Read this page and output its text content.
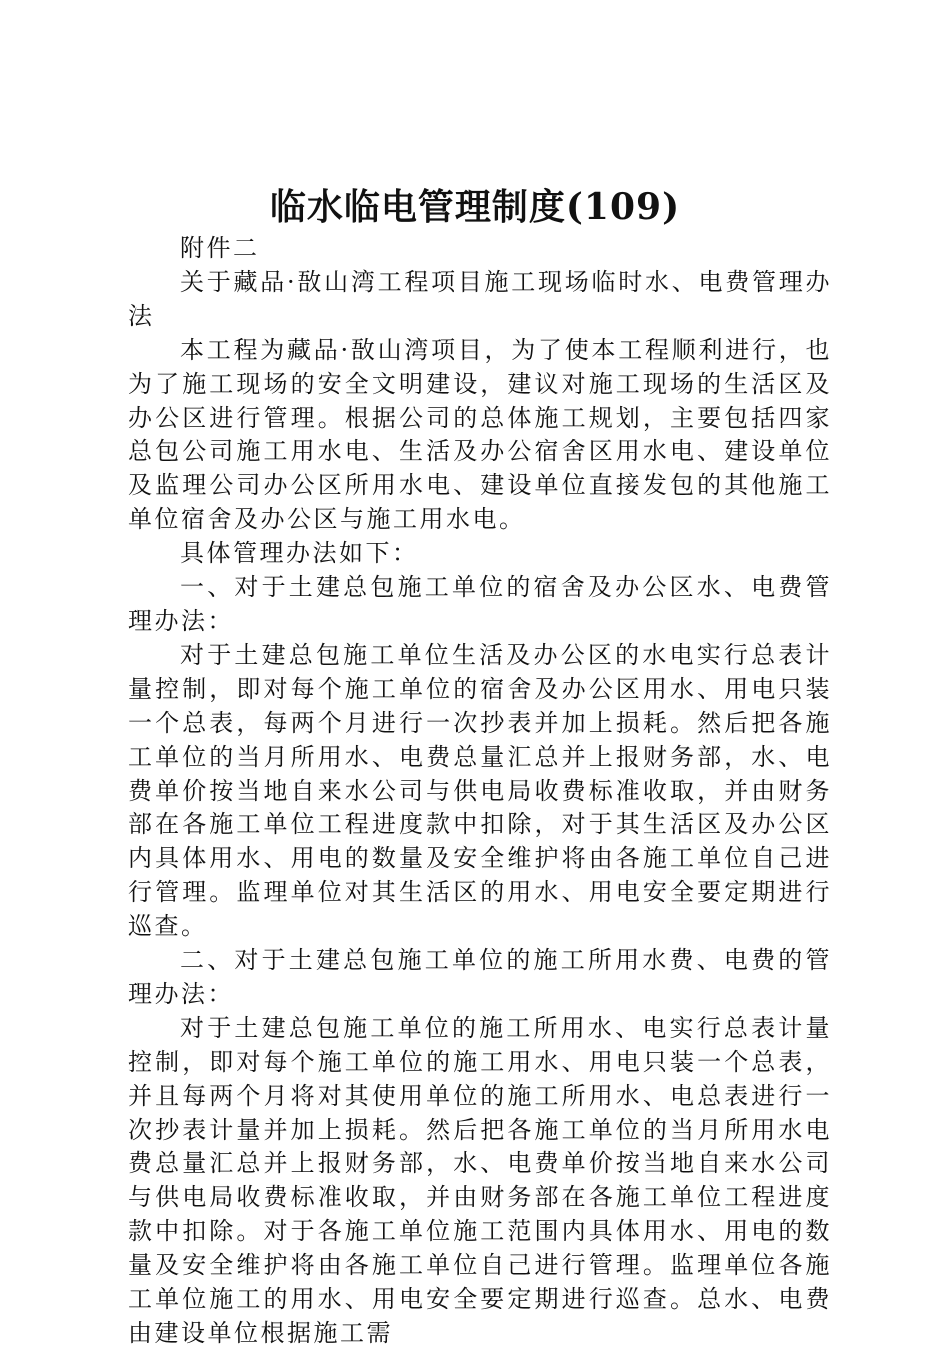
临水临电管理制度(109)

附件二

关于藏品·敔山湾工程项目施工现场临时水、电费管理办法

本工程为藏品·敔山湾项目，为了使本工程顺利进行，也为了施工现场的安全文明建设，建议对施工现场的生活区及办公区进行管理。根据公司的总体施工规划，主要包括四家总包公司施工用水电、生活及办公宿舍区用水电、建设单位及监理公司办公区所用水电、建设单位直接发包的其他施工单位宿舍及办公区与施工用水电。

具体管理办法如下：

一、对于土建总包施工单位的宿舍及办公区水、电费管理办法：

对于土建总包施工单位生活及办公区的水电实行总表计量控制，即对每个施工单位的宿舍及办公区用水、用电只装一个总表，每两个月进行一次抄表并加上损耗。然后把各施工单位的当月所用水、电费总量汇总并上报财务部，水、电费单价按当地自来水公司与供电局收费标准收取，并由财务部在各施工单位工程进度款中扣除，对于其生活区及办公区内具体用水、用电的数量及安全维护将由各施工单位自己进行管理。监理单位对其生活区的用水、用电安全要定期进行巡查。

二、对于土建总包施工单位的施工所用水费、电费的管理办法：

对于土建总包施工单位的施工所用水、电实行总表计量控制，即对每个施工单位的施工用水、用电只装一个总表，并且每两个月将对其使用单位的施工所用水、电总表进行一次抄表计量并加上损耗。然后把各施工单位的当月所用水电费总量汇总并上报财务部，水、电费单价按当地自来水公司与供电局收费标准收取，并由财务部在各施工单位工程进度款中扣除。对于各施工单位施工范围内具体用水、用电的数量及安全维护将由各施工单位自己进行管理。监理单位各施工单位施工的用水、用电安全要定期进行巡查。总水、电费由建设单位根据施工需
